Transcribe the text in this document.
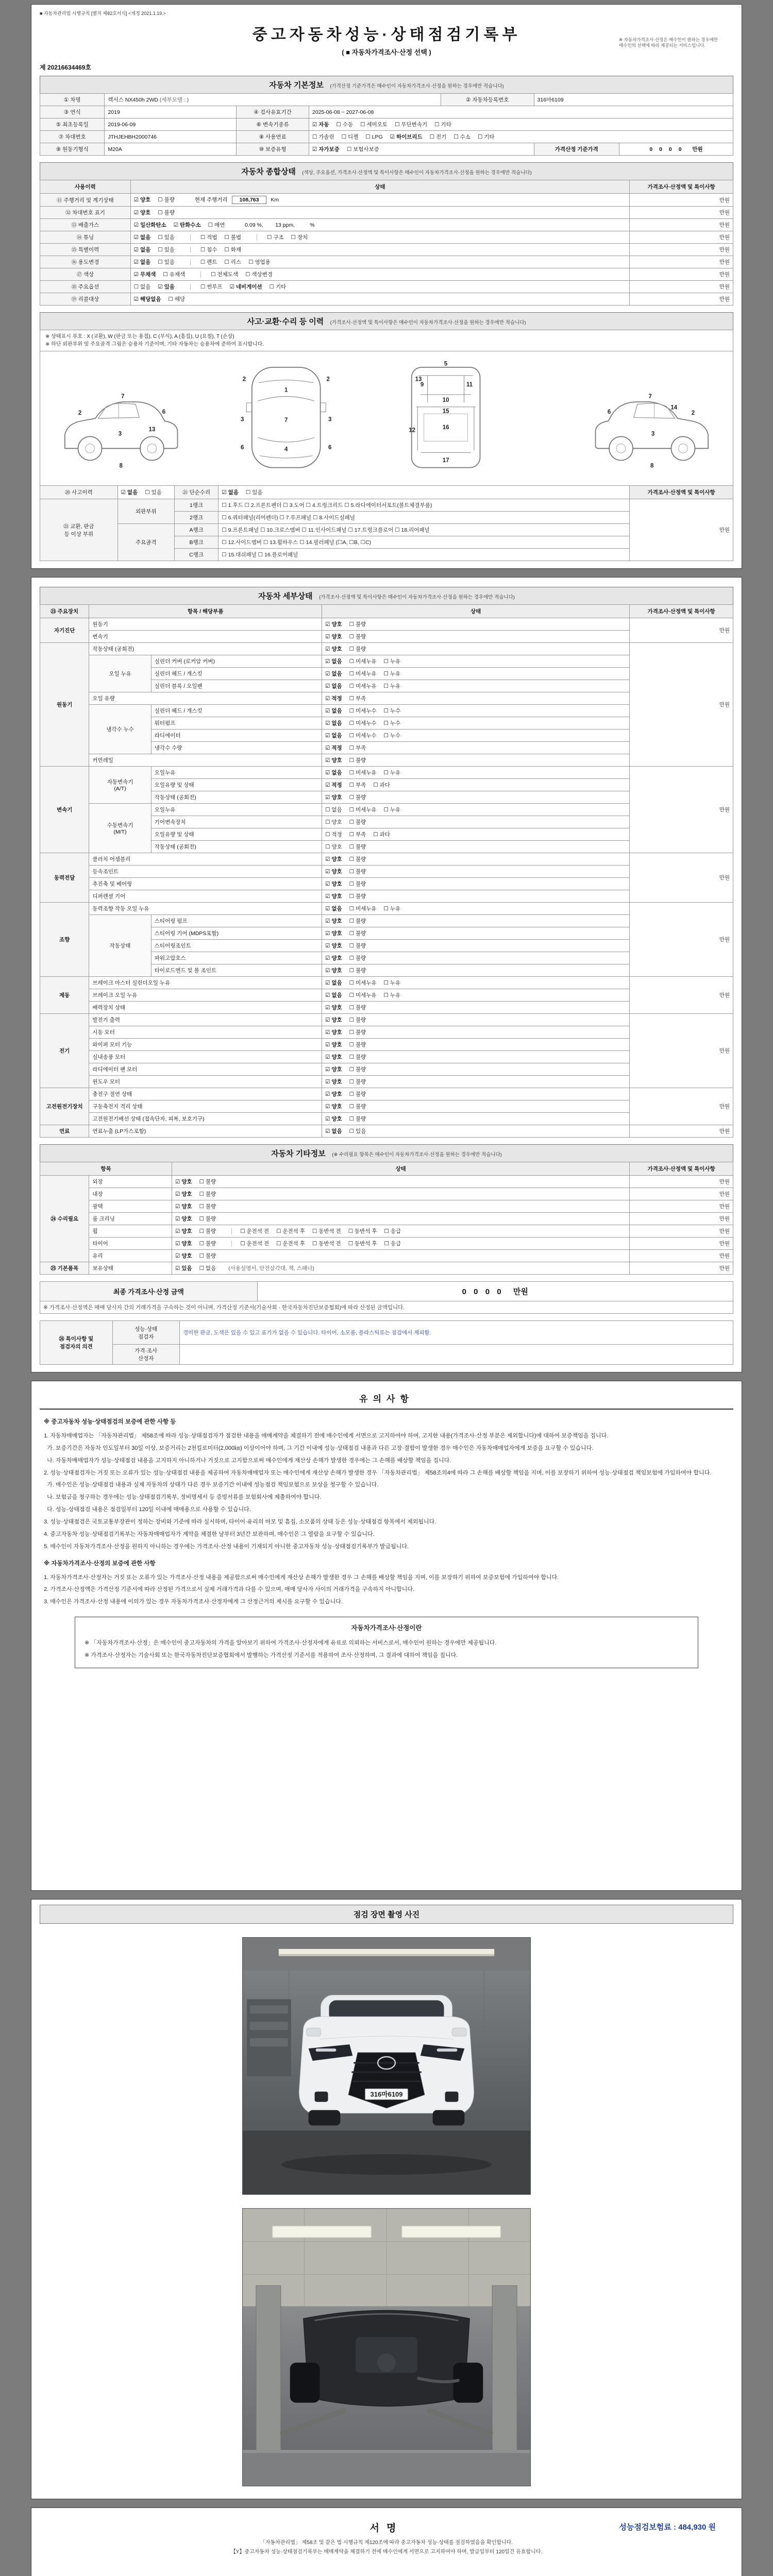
■ 자동차관리법 시행규칙 [별지 제82호서식] <개정 2021.1.19.>
중고자동차성능·상태점검기록부
( ■ 자동차가격조사·산정 선택 )
※ 자동차가격조사·산정은 매수인이 원하는 경우에만
매수인의 선택에 따라 제공되는 서비스입니다.
제 20216634469호
자동차 기본정보 (가격산정 기준가격은 매수인이 자동차가격조사·산정을 원하는 경우에만 적습니다)
① 차명	렉서스 NX450h 2WD (세부모델 : )			② 자동차등록번호	316마6109	
③ 연식	2019	④ 검사유효기간	2025-06-08 ~ 2027-06-08			
⑤ 최초등록일	2019-06-09	⑥ 변속기종류	☑ 자동 ☐ 수동 ☐ 세미오토 ☐ 무단변속기 ☐ 기타			
⑦ 차대번호	JTHJEHBH2000746	⑧ 사용연료	☐ 가솔린 ☐ 디젤 ☐ LPG ☑ 하이브리드 ☐ 전기 ☐ 수소 ☐ 기타			
⑨ 원동기형식	M20A	⑩ 보증유형	☑ 자가보증 ☐ 보험사보증		가격산정 기준가격	0 0 0 0 만원
자동차 종합상태 (색상, 주요옵션, 가격조사·산정액 및 특이사항은 매수인이 자동차가격조사·산정을 원하는 경우에만 적습니다)
사용이력	상태	가격조사·산정액 및 특이사항
⑪ 주행거리 및 계기상태	☑ 양호 ☐ 불량 현재 주행거리 108,763 Km	만원
⑫ 차대번호 표기	☑ 양호 ☐ 불량	만원
⑬ 배출가스	☑ 일산화탄소 ☑ 탄화수소 ☐ 매연 0.09 %,        13 ppm,          %	만원
⑭ 튜닝	☑ 없음 ☐ 있음 ☐ 적법 ☐ 불법 ☐ 구조 ☐ 장치	만원
⑮ 특별이력	☑ 없음 ☐ 있음 ☐ 침수 ☐ 화재	만원
⑯ 용도변경	☑ 없음 ☐ 있음 ☐ 렌트 ☐ 리스 ☐ 영업용	만원
⑰ 색상	☑ 무채색 ☐ 유채색 ☐ 전체도색 ☐ 색상변경	만원
⑱ 주요옵션	☐ 없음 ☑ 있음 ☐ 썬루프 ☑ 네비게이션 ☐ 기타	만원
⑲ 리콜대상	☑ 해당없음 ☐ 해당	만원
사고·교환·수리 등 이력 (가격조사·산정액 및 특이사항은 매수인이 자동차가격조사·산정을 원하는 경우에만 적습니다)
※ 상태표시 부호 : X (교환), W (판금 또는 용접), C (부식), A (흠집), U (요철), T (손상)
※ 하단 외판부위 및 주요골격 그림은 승용차 기준이며, 기타 자동차는 승용차에 준하여 표시합니다.
2
3
6
7
8
13
1
7
4
2	2
3	3
6	6
5
9	11
10
15
16
12
13
17
2
3
6
7
8
14
⑳ 사고이력	☑ 없음 ☐ 있음	㉑ 단순수리	☑ 없음 ☐ 있음	가격조사·산정액 및 특이사항
㉒ 교환, 판금
등 이상 부위	외판부위	1랭크	☐ 1.후드 ☐ 2.프론트펜더 ☐ 3.도어 ☐ 4.트렁크리드 ☐ 5.라디에이터서포트(볼트체결부품)	만원
		2랭크	☐ 6.쿼터패널(리어펜더) ☐ 7.루프패널 ☐ 8.사이드실패널	
	주요골격	A랭크	☐ 9.프론트패널 ☐ 10.크로스멤버 ☐ 11.인사이드패널 ☐ 17.트렁크플로어 ☐ 18.리어패널	
		B랭크	☐ 12.사이드멤버 ☐ 13.휠하우스 ☐ 14.필러패널 (☐A, ☐B, ☐C)	
		C랭크	☐ 15.대쉬패널 ☐ 16.플로어패널	
자동차 세부상태 (가격조사·산정액 및 특이사항은 매수인이 자동차가격조사·산정을 원하는 경우에만 적습니다)
㉓ 주요장치	항목 / 해당부품		상태	가격조사·산정액 및 특이사항
자기진단	원동기		☑ 양호 ☐ 불량	만원
	변속기		☑ 양호 ☐ 불량	
원동기	작동상태 (공회전)		☑ 양호 ☐ 불량	만원
	오일 누유	실린더 커버 (로커암 커버)	☑ 없음 ☐ 미세누유 ☐ 누유	
		실린더 헤드 / 개스킷	☑ 없음 ☐ 미세누유 ☐ 누유	
		실린더 블록 / 오일팬	☑ 없음 ☐ 미세누유 ☐ 누유	
	오일 유량		☑ 적정 ☐ 부족	
	냉각수 누수	실린더 헤드 / 개스킷	☑ 없음 ☐ 미세누수 ☐ 누수	
		워터펌프	☑ 없음 ☐ 미세누수 ☐ 누수	
		라디에이터	☑ 없음 ☐ 미세누수 ☐ 누수	
		냉각수 수량	☑ 적정 ☐ 부족	
	커먼레일		☑ 양호 ☐ 불량	
변속기	자동변속기
(A/T)	오일누유	☑ 없음 ☐ 미세누유 ☐ 누유	만원
		오일유량 및 상태	☑ 적정 ☐ 부족 ☐ 과다	
		작동상태 (공회전)	☑ 양호 ☐ 불량	
	수동변속기
(M/T)	오일누유	☐ 없음 ☐ 미세누유 ☐ 누유	
		기어변속장치	☐ 양호 ☐ 불량	
		오일유량 및 상태	☐ 적정 ☐ 부족 ☐ 과다	
		작동상태 (공회전)	☐ 양호 ☐ 불량	
동력전달	클러치 어셈블리		☑ 양호 ☐ 불량	만원
	등속조인트		☑ 양호 ☐ 불량	
	추진축 및 베어링		☑ 양호 ☐ 불량	
	디퍼렌셜 기어		☑ 양호 ☐ 불량	
조향	동력조향 작동 오일 누유		☑ 없음 ☐ 미세누유 ☐ 누유	만원
	작동상태	스티어링 펌프	☑ 양호 ☐ 불량	
		스티어링 기어 (MDPS포함)	☑ 양호 ☐ 불량	
		스티어링조인트	☑ 양호 ☐ 불량	
		파워고압호스	☑ 양호 ☐ 불량	
		타이로드엔드 및 볼 조인트	☑ 양호 ☐ 불량	
제동	브레이크 마스터 실린더오일 누유		☑ 없음 ☐ 미세누유 ☐ 누유	만원
	브레이크 오일 누유		☑ 없음 ☐ 미세누유 ☐ 누유	
	배력장치 상태		☑ 양호 ☐ 불량	
전기	발전기 출력		☑ 양호 ☐ 불량	만원
	시동 모터		☑ 양호 ☐ 불량	
	와이퍼 모터 기능		☑ 양호 ☐ 불량	
	실내송풍 모터		☑ 양호 ☐ 불량	
	라디에이터 팬 모터		☑ 양호 ☐ 불량	
	윈도우 모터		☑ 양호 ☐ 불량	
고전원전기장치	충전구 절연 상태		☑ 양호 ☐ 불량	만원
	구동축전지 격리 상태		☑ 양호 ☐ 불량	
	고전원전기배선 상태 (접속단자, 피복, 보호기구)		☑ 양호 ☐ 불량	
연료	연료누출 (LP가스포함)		☑ 없음 ☐ 있음	만원
자동차 기타정보 (※ 수리필요 항목은 매수인이 자동차가격조사·산정을 원하는 경우에만 적습니다)
항목		상태	가격조사·산정액 및 특이사항
㉔ 수리필요	외장	☑ 양호 ☐ 불량	만원
	내장	☑ 양호 ☐ 불량	만원
	광택	☑ 양호 ☐ 불량	만원
	룸 크리닝	☑ 양호 ☐ 불량	만원
	휠	☑ 양호 ☐ 불량 ☐ 운전석 전 ☐ 운전석 후 ☐ 동반석 전 ☐ 동반석 후 ☐ 응급	만원
	타이어	☑ 양호 ☐ 불량 ☐ 운전석 전 ☐ 운전석 후 ☐ 동반석 전 ☐ 동반석 후 ☐ 응급	만원
	유리	☑ 양호 ☐ 불량	만원
㉕ 기본품목	보유상태	☑ 있음 ☐ 없음 (사용설명서, 안전삼각대, 잭, 스패너)	만원
최종 가격조사·산정 금액	0 0 0 0 만원
※ 가격조사·산정액은 매매 당사자 간의 거래가격을 구속하는 것이 아니며, 가격산정 기준서(기술사회 · 한국자동차진단보증협회)에 따라 산정된 금액입니다.
㉖ 특이사항 및
점검자의 의견	성능·상태
점검자	경미한 판금, 도색은 있을 수 있고 표기가 없을 수 있습니다. 타이어, 소모품, 플라스틱류는 점검에서 제외함.
	가격·조사
산정자	
유의사항
※ 중고자동차 성능·상태점검의 보증에 관한 사항 등

1. 자동차매매업자는 「자동차관리법」 제58조에 따라 성능·상태점검자가 점검한 내용을 매매계약을 체결하기 전에 매수인에게 서면으로 고지하여야 하며, 고지한 내용(가격조사·산정 부분은 제외합니다)에 대하여 보증책임을 집니다.

가. 보증기간은 자동차 인도일부터 30일 이상, 보증거리는 2천킬로미터(2,000㎞) 이상이어야 하며, 그 기간 이내에 성능·상태점검 내용과 다른 고장·결함이 발생한 경우 매수인은 자동차매매업자에게 보증을 요구할 수 있습니다.

나. 자동차매매업자가 성능·상태점검 내용을 고지하지 아니하거나 거짓으로 고지함으로써 매수인에게 재산상 손해가 발생한 경우에는 그 손해를 배상할 책임을 집니다.

2. 성능·상태점검자는 거짓 또는 오류가 있는 성능·상태점검 내용을 제공하여 자동차매매업자 또는 매수인에게 재산상 손해가 발생한 경우 「자동차관리법」 제58조의4에 따라 그 손해를 배상할 책임을 지며, 이를 보장하기 위하여 성능·상태점검 책임보험에 가입하여야 합니다.

가. 매수인은 성능·상태점검 내용과 실제 자동차의 상태가 다른 경우 보증기간 이내에 성능점검 책임보험으로 보상을 청구할 수 있습니다.

나. 보험금을 청구하는 경우에는 성능·상태점검기록부, 정비명세서 등 증빙서류를 보험회사에 제출하여야 합니다.

다. 성능·상태점검 내용은 점검일부터 120일 이내에 매매용으로 사용할 수 있습니다.

3. 성능·상태점검은 국토교통부장관이 정하는 장비와 기준에 따라 실시하며, 타이어·유리의 마모 및 흠집, 소모품의 상태 등은 성능·상태점검 항목에서 제외됩니다.

4. 중고자동차 성능·상태점검기록부는 자동차매매업자가 계약을 체결한 날부터 3년간 보관하며, 매수인은 그 열람을 요구할 수 있습니다.

5. 매수인이 자동차가격조사·산정을 원하지 아니하는 경우에는 가격조사·산정 내용이 기재되지 아니한 중고자동차 성능·상태점검기록부가 발급됩니다.

※ 자동차가격조사·산정의 보증에 관한 사항

1. 자동차가격조사·산정자는 거짓 또는 오류가 있는 가격조사·산정 내용을 제공함으로써 매수인에게 재산상 손해가 발생한 경우 그 손해를 배상할 책임을 지며, 이를 보장하기 위하여 보증보험에 가입하여야 합니다.

2. 가격조사·산정액은 가격산정 기준서에 따라 산정된 가격으로서 실제 거래가격과 다를 수 있으며, 매매 당사자 사이의 거래가격을 구속하지 아니합니다.

3. 매수인은 가격조사·산정 내용에 이의가 있는 경우 자동차가격조사·산정자에게 그 산정근거의 제시를 요구할 수 있습니다.

자동차가격조사·산정이란

※ 「자동차가격조사·산정」은 매수인이 중고자동차의 가격을 알아보기 위하여 가격조사·산정자에게 유료로 의뢰하는 서비스로서, 매수인이 원하는 경우에만 제공됩니다.

※ 가격조사·산정자는 기술사회 또는 한국자동차진단보증협회에서 발행하는 가격산정 기준서를 적용하여 조사·산정하며, 그 결과에 대하여 책임을 집니다.

점검 장면 촬영 사진
316마6109
서명	성능점검보험료 : 484,930 원
「자동차관리법」 제58조 및 같은 법 시행규칙 제120조에 따라 중고자동차 성능·상태를 점검하였음을 확인합니다.
【Y】중고자동차 성능·상태점검기록부는 매매계약을 체결하기 전에 매수인에게 서면으로 고지하여야 하며, 발급일부터 120일간 유효합니다.
